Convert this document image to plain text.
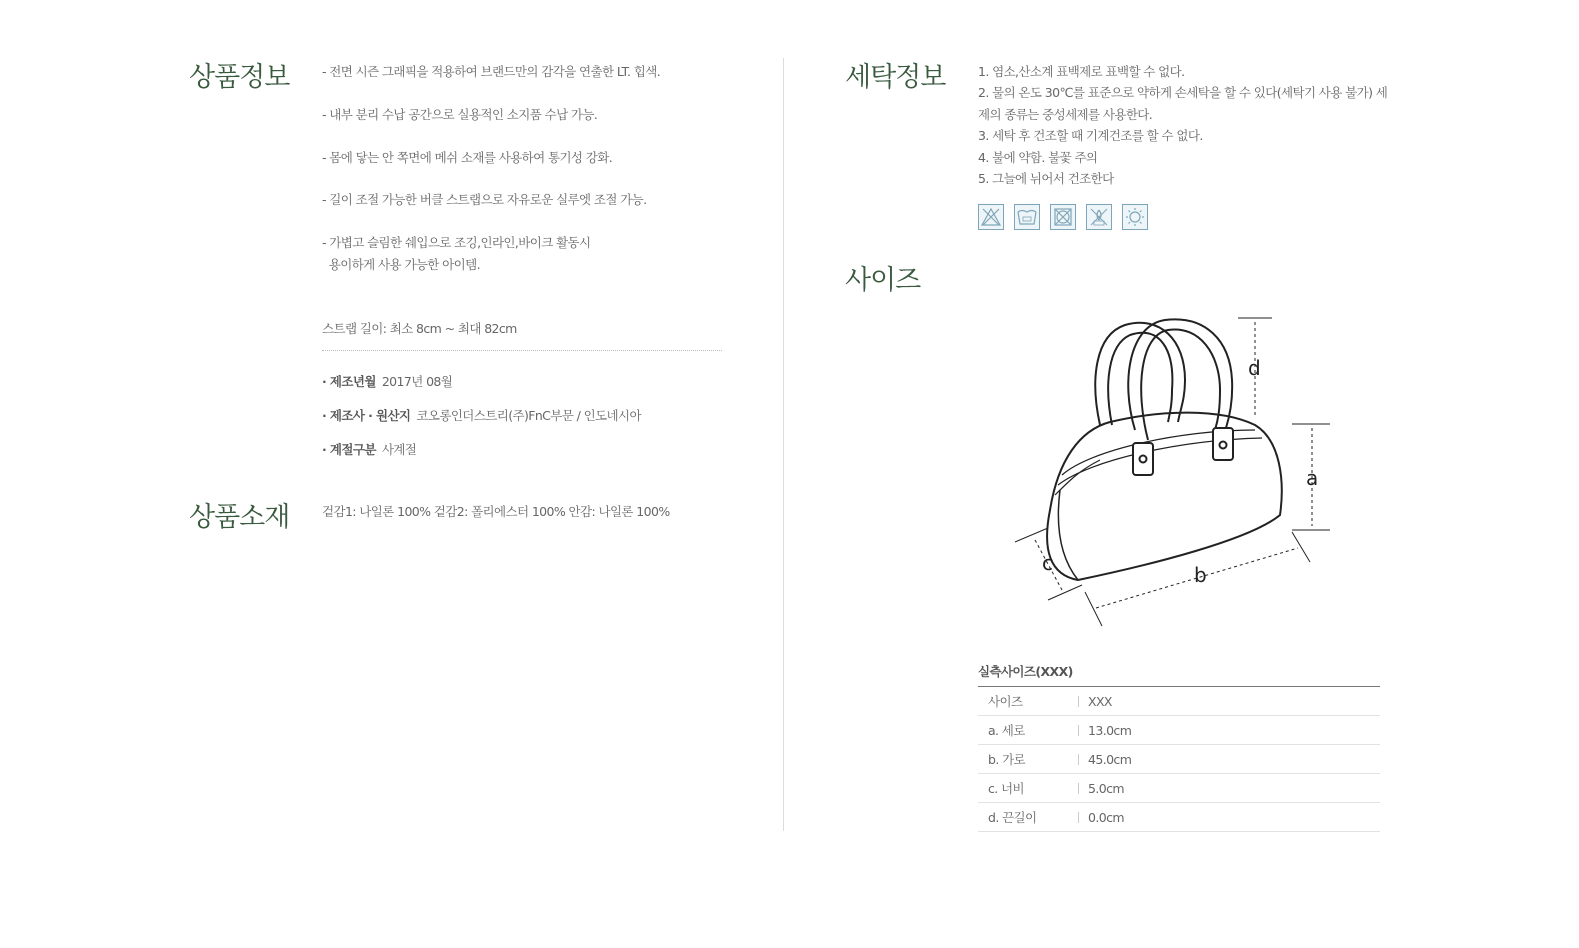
상품정보	- 전면 시즌 그래픽을 적용하여 브랜드만의 감각을 연출한 LT. 힙색.
- 내부 분리 수납 공간으로 실용적인 소지품 수납 가능.
- 몸에 닿는 안 쪽면에 메쉬 소재를 사용하여 통기성 강화.
- 길이 조절 가능한 버클 스트랩으로 자유로운 실루엣 조절 가능.
- 가볍고 슬림한 쉐입으로 조깅,인라인,바이크 활동시
용이하게 사용 가능한 아이템.
스트랩 길이: 최소 8cm ~ 최대 82cm
· 제조년월 2017년 08월
· 제조사 · 원산지 코오롱인더스트리(주)FnC부문 / 인도네시아
· 계절구분 사계절
상품소재	겉감1: 나일론 100% 겉감2: 폴리에스터 100% 안감: 나일론 100%
세탁정보	1. 염소,산소계 표백제로 표백할 수 없다.
2. 물의 온도 30℃를 표준으로 약하게 손세탁을 할 수 있다(세탁기 사용 불가) 세
제의 종류는 중성세제를 사용한다.
3. 세탁 후 건조할 때 기계건조를 할 수 없다.
4. 불에 약함. 불꽃 주의
5. 그늘에 뉘어서 건조한다
사이즈
d
a
c	b
실측사이즈(XXX)
사이즈	XXX
a. 세로	13.0cm
b. 가로	45.0cm
c. 너비	5.0cm
d. 끈길이	0.0cm
